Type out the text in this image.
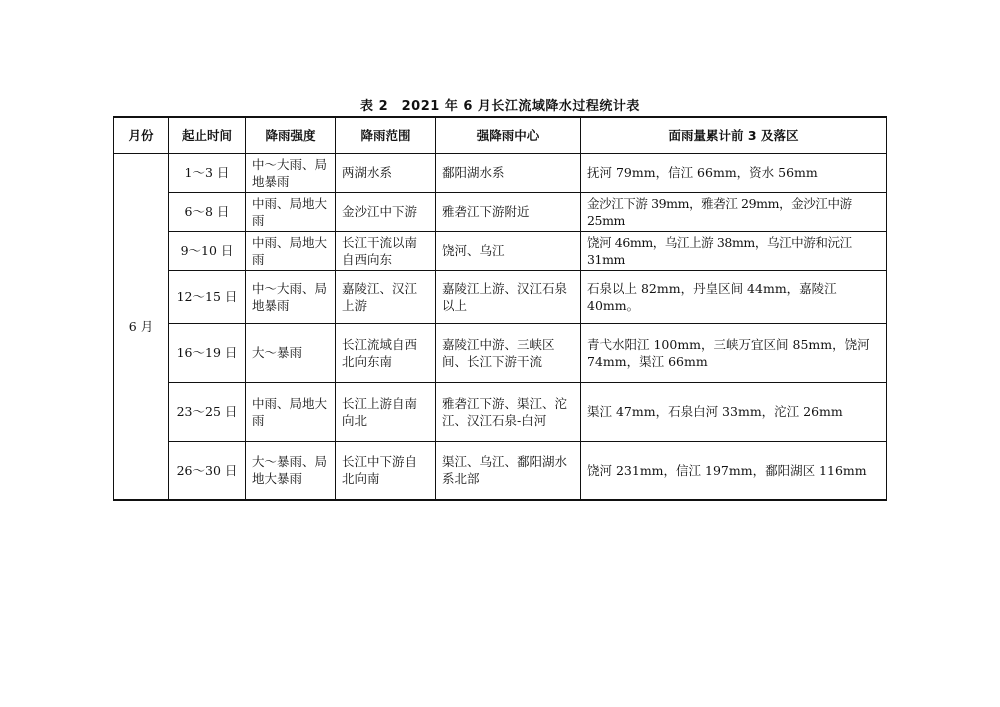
表 2　2021 年 6 月长江流域降水过程统计表
月份	起止时间	降雨强度	降雨范围	强降雨中心	面雨量累计前 3 及落区
6 月	1～3 日	中～大雨、局地暴雨	两湖水系	鄱阳湖水系	抚河 79mm，信江 66mm，资水 56mm
	6～8 日	中雨、局地大雨	金沙江中下游	雅砻江下游附近	金沙江下游 39mm，雅砻江 29mm，金沙江中游 25mm
	9～10 日	中雨、局地大雨	长江干流以南自西向东	饶河、乌江	饶河 46mm，乌江上游 38mm，乌江中游和沅江 31mm
	12～15 日	中～大雨、局地暴雨	嘉陵江、汉江上游	嘉陵江上游、汉江石泉以上	石泉以上 82mm，丹皇区间 44mm，嘉陵江 40mm。
	16～19 日	大～暴雨	长江流域自西北向东南	嘉陵江中游、三峡区间、长江下游干流	青弋水阳江 100mm，三峡万宜区间 85mm，饶河 74mm，渠江 66mm
	23～25 日	中雨、局地大雨	长江上游自南向北	雅砻江下游、渠江、沱江、汉江石泉-白河	渠江 47mm，石泉白河 33mm，沱江 26mm
	26～30 日	大～暴雨、局地大暴雨	长江中下游自北向南	渠江、乌江、鄱阳湖水系北部	饶河 231mm，信江 197mm，鄱阳湖区 116mm
